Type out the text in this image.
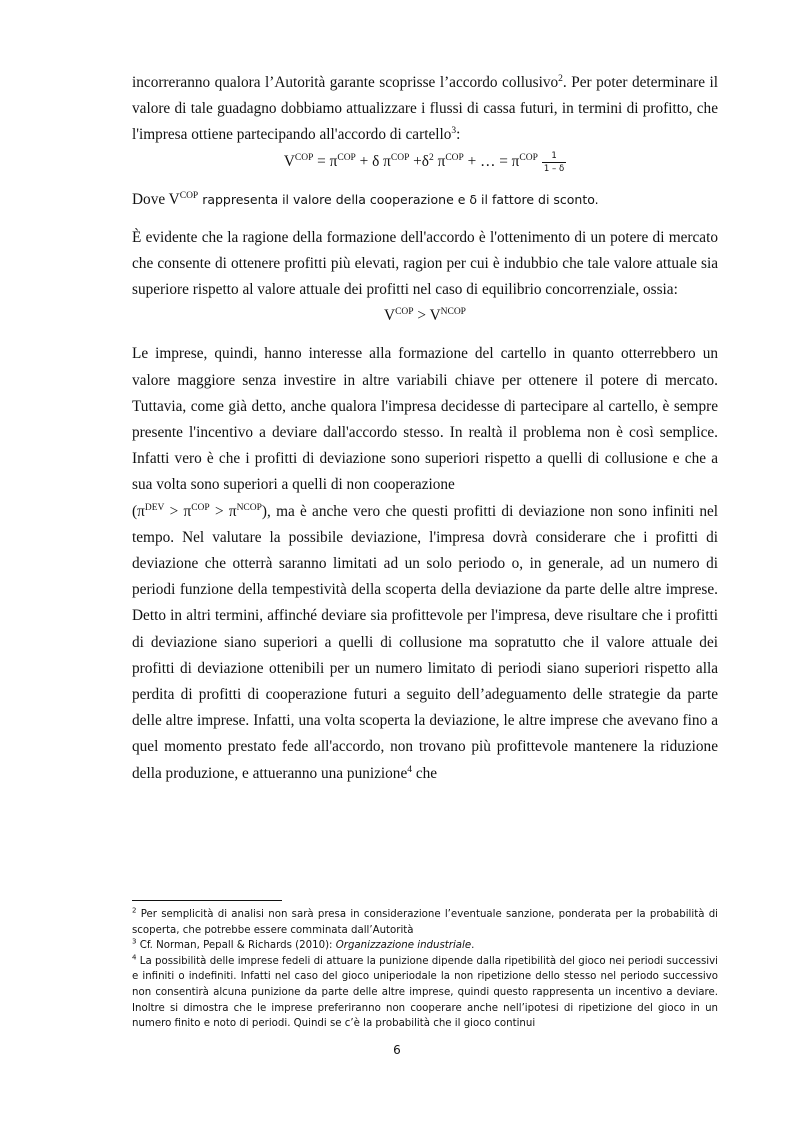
incorreranno qualora l’Autorità garante scoprisse l’accordo collusivo$^2$. Per poter determinare il valore di tale guadagno dobbiamo attualizzare i flussi di cassa futuri, in termini di profitto, che l'impresa ottiene partecipando all'accordo di cartello$^3$:

$V^{COP} = \pi^{COP} + \delta$ $\pi^{COP} +\delta^2$ $\pi^{COP}$ + … = $\pi^{COP} \frac{1}{1 - \delta}$

Dove $V^{COP}$ rappresenta il valore della cooperazione e δ il fattore di sconto.

È evidente che la ragione della formazione dell'accordo è l'ottenimento di un potere di mercato che consente di ottenere profitti più elevati, ragion per cui è indubbio che tale valore attuale sia superiore rispetto al valore attuale dei profitti nel caso di equilibrio concorrenziale, ossia:

$V^{COP} > V^{NCOP}$

Le imprese, quindi, hanno interesse alla formazione del cartello in quanto otterrebbero un valore maggiore senza investire in altre variabili chiave per ottenere il potere di mercato. Tuttavia, come già detto, anche qualora l'impresa decidesse di partecipare al cartello, è sempre presente l'incentivo a deviare dall'accordo stesso. In realtà il problema non è così semplice. Infatti vero è che i profitti di deviazione sono superiori rispetto a quelli di collusione e che a sua volta sono superiori a quelli di non cooperazione
$(\pi^{DEV} > \pi^{COP} > \pi^{NCOP})$, ma è anche vero che questi profitti di deviazione non sono infiniti nel tempo. Nel valutare la possibile deviazione, l'impresa dovrà considerare che i profitti di deviazione che otterrà saranno limitati ad un solo periodo o, in generale, ad un numero di periodi funzione della tempestività della scoperta della deviazione da parte delle altre imprese. Detto in altri termini, affinché deviare sia profittevole per l'impresa, deve risultare che i profitti di deviazione siano superiori a quelli di collusione ma sopratutto che il valore attuale dei profitti di deviazione ottenibili per un numero limitato di periodi siano superiori rispetto alla perdita di profitti di cooperazione futuri a seguito dell’adeguamento delle strategie da parte delle altre imprese. Infatti, una volta scoperta la deviazione, le altre imprese che avevano fino a quel momento prestato fede all'accordo, non trovano più profittevole mantenere la riduzione della produzione, e attueranno una punizione$^4$ che

$^2$ Per semplicità di analisi non sarà presa in considerazione l’eventuale sanzione, ponderata per la probabilità di scoperta, che potrebbe essere comminata dall’Autorità

$^3$ Cf. Norman, Pepall & Richards (2010): Organizzazione industriale.

$^4$ La possibilità delle imprese fedeli di attuare la punizione dipende dalla ripetibilità del gioco nei periodi successivi e infiniti o indefiniti. Infatti nel caso del gioco uniperiodale la non ripetizione dello stesso nel periodo successivo non consentirà alcuna punizione da parte delle altre imprese, quindi questo rappresenta un incentivo a deviare. Inoltre si dimostra che le imprese preferiranno non cooperare anche nell’ipotesi di ripetizione del gioco in un numero finito e noto di periodi. Quindi se c’è la probabilità che il gioco continui

6
